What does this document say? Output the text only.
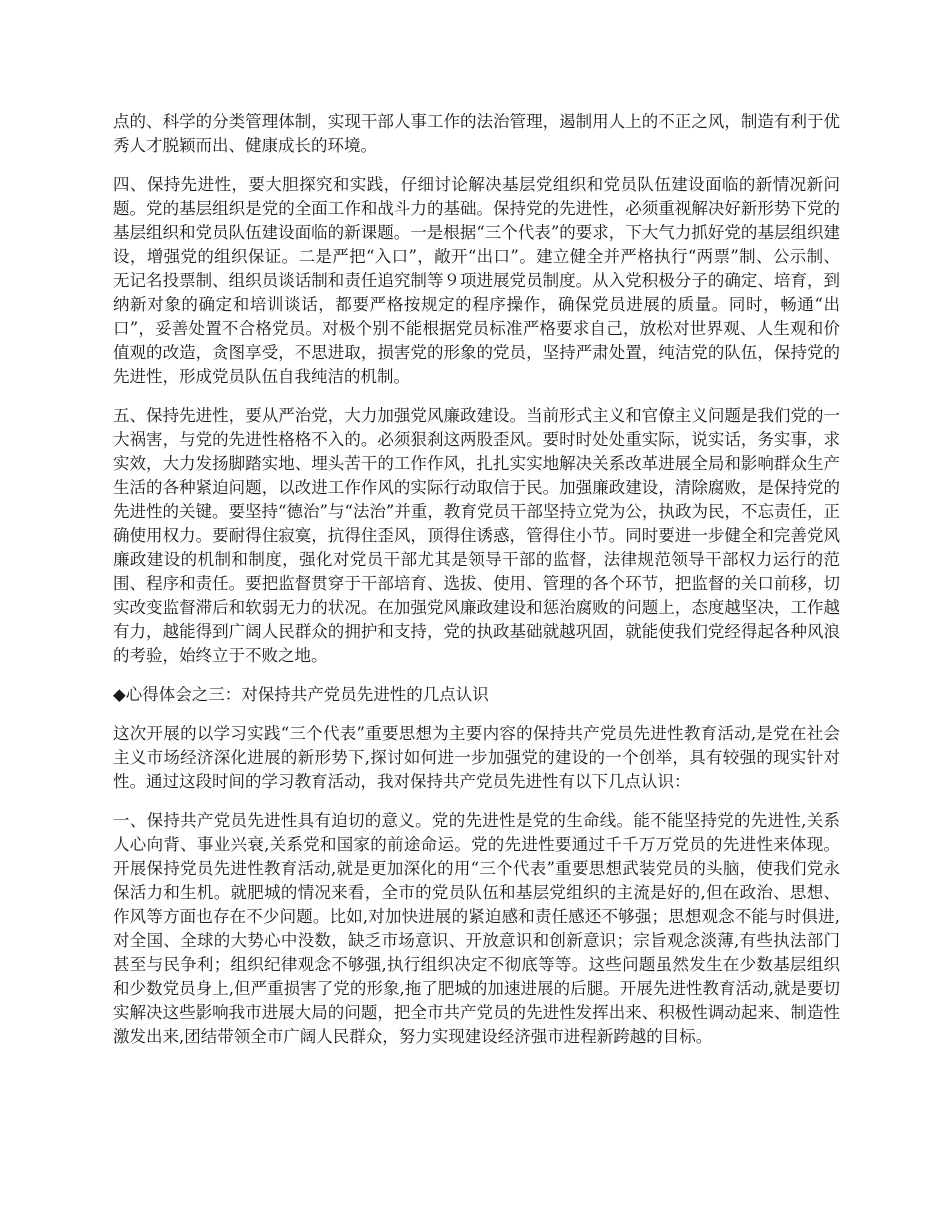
点的、科学的分类管理体制，实现干部人事工作的法治管理，遏制用人上的不正之风，制造有利于优秀人才脱颖而出、健康成长的环境。

四、保持先进性，要大胆探究和实践，仔细讨论解决基层党组织和党员队伍建设面临的新情况新问题。党的基层组织是党的全面工作和战斗力的基础。保持党的先进性，必须重视解决好新形势下党的基层组织和党员队伍建设面临的新课题。一是根据“三个代表”的要求，下大气力抓好党的基层组织建设，增强党的组织保证。二是严把“入口”，敞开“出口”。建立健全并严格执行“两票”制、公示制、无记名投票制、组织员谈话制和责任追究制等９项进展党员制度。从入党积极分子的确定、培育，到纳新对象的确定和培训谈话，都要严格按规定的程序操作，确保党员进展的质量。同时，畅通“出口”，妥善处置不合格党员。对极个别不能根据党员标准严格要求自己，放松对世界观、人生观和价值观的改造，贪图享受，不思进取，损害党的形象的党员，坚持严肃处置，纯洁党的队伍，保持党的先进性，形成党员队伍自我纯洁的机制。

五、保持先进性，要从严治党，大力加强党风廉政建设。当前形式主义和官僚主义问题是我们党的一大祸害，与党的先进性格格不入的。必须狠刹这两股歪风。要时时处处重实际，说实话，务实事，求实效，大力发扬脚踏实地、埋头苦干的工作作风，扎扎实实地解决关系改革进展全局和影响群众生产生活的各种紧迫问题，以改进工作作风的实际行动取信于民。加强廉政建设，清除腐败，是保持党的先进性的关键。要坚持“德治”与“法治”并重，教育党员干部坚持立党为公，执政为民，不忘责任，正确使用权力。要耐得住寂寞，抗得住歪风，顶得住诱惑，管得住小节。同时要进一步健全和完善党风廉政建设的机制和制度，强化对党员干部尤其是领导干部的监督，法律规范领导干部权力运行的范围、程序和责任。要把监督贯穿于干部培育、选拔、使用、管理的各个环节，把监督的关口前移，切实改变监督滞后和软弱无力的状况。在加强党风廉政建设和惩治腐败的问题上，态度越坚决，工作越有力，越能得到广阔人民群众的拥护和支持，党的执政基础就越巩固，就能使我们党经得起各种风浪的考验，始终立于不败之地。

◆心得体会之三：对保持共产党员先进性的几点认识

这次开展的以学习实践“三个代表”重要思想为主要内容的保持共产党员先进性教育活动,是党在社会主义市场经济深化进展的新形势下,探讨如何进一步加强党的建设的一个创举，具有较强的现实针对性。通过这段时间的学习教育活动，我对保持共产党员先进性有以下几点认识：

一、保持共产党员先进性具有迫切的意义。党的先进性是党的生命线。能不能坚持党的先进性,关系人心向背、事业兴衰,关系党和国家的前途命运。党的先进性要通过千千万万党员的先进性来体现。开展保持党员先进性教育活动,就是更加深化的用“三个代表”重要思想武装党员的头脑，使我们党永保活力和生机。就肥城的情况来看，全市的党员队伍和基层党组织的主流是好的,但在政治、思想、作风等方面也存在不少问题。比如,对加快进展的紧迫感和责任感还不够强；思想观念不能与时俱进,对全国、全球的大势心中没数，缺乏市场意识、开放意识和创新意识；宗旨观念淡薄,有些执法部门甚至与民争利；组织纪律观念不够强,执行组织决定不彻底等等。这些问题虽然发生在少数基层组织和少数党员身上,但严重损害了党的形象,拖了肥城的加速进展的后腿。开展先进性教育活动,就是要切实解决这些影响我市进展大局的问题，把全市共产党员的先进性发挥出来、积极性调动起来、制造性激发出来,团结带领全市广阔人民群众，努力实现建设经济强市进程新跨越的目标。
